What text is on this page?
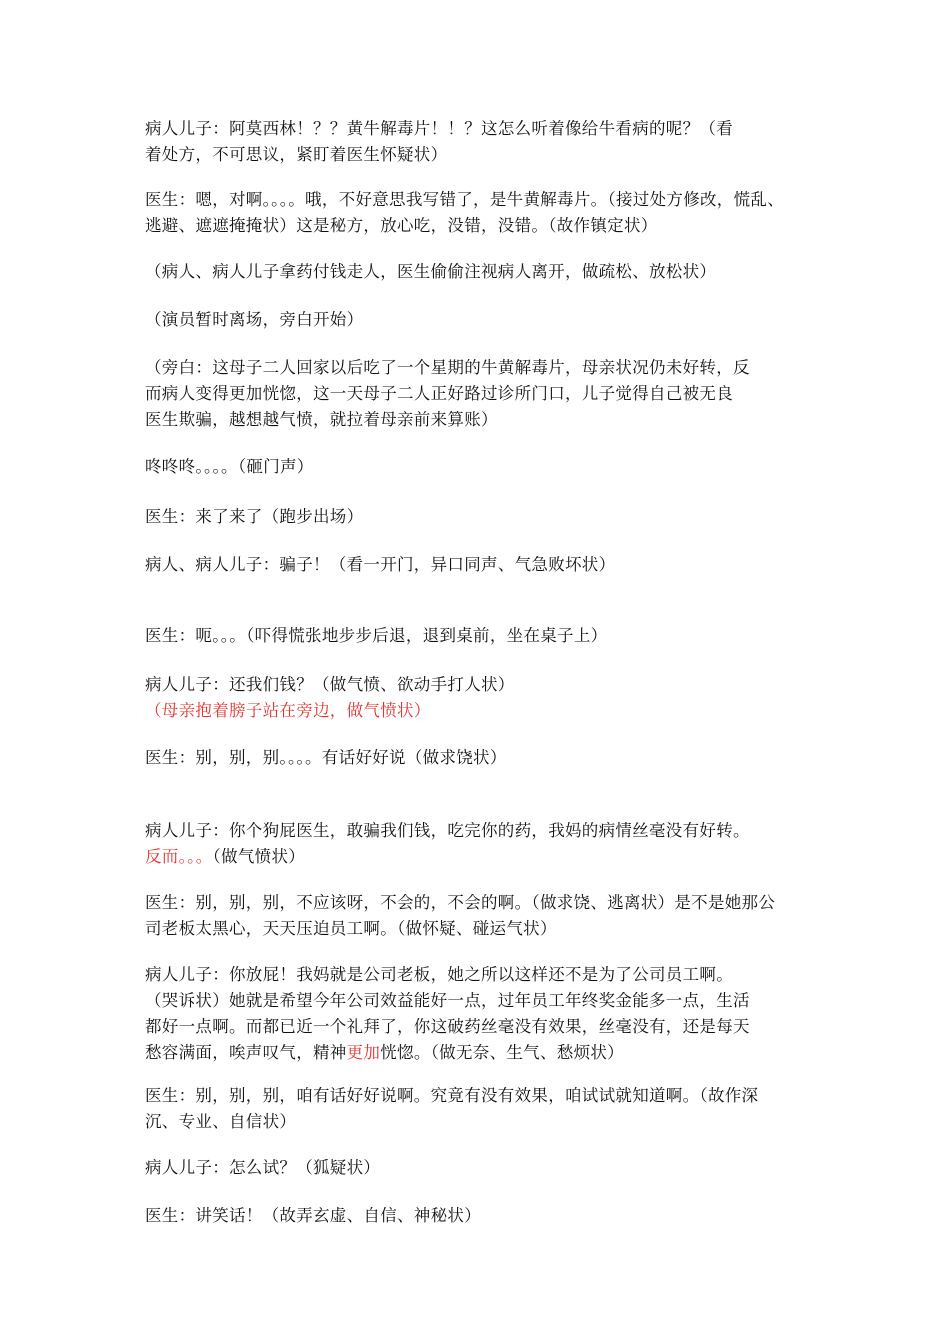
病人儿子：阿莫西林！？？黄牛解毒片！！？这怎么听着像给牛看病的呢？（看
着处方，不可思议，紧盯着医生怀疑状）

医生：嗯，对啊。。。。哦，不好意思我写错了，是牛黄解毒片。（接过处方修改，慌乱、
逃避、遮遮掩掩状）这是秘方，放心吃，没错，没错。（故作镇定状）

（病人、病人儿子拿药付钱走人，医生偷偷注视病人离开，做疏松、放松状）

（演员暂时离场，旁白开始）

（旁白：这母子二人回家以后吃了一个星期的牛黄解毒片，母亲状况仍未好转，反
而病人变得更加恍惚，这一天母子二人正好路过诊所门口，儿子觉得自己被无良
医生欺骗，越想越气愤，就拉着母亲前来算账）

咚咚咚。。。。（砸门声）

医生：来了来了（跑步出场）

病人、病人儿子：骗子！（看一开门，异口同声、气急败坏状）

医生：呃。。。（吓得慌张地步步后退，退到桌前，坐在桌子上）

病人儿子：还我们钱？（做气愤、欲动手打人状）
（母亲抱着膀子站在旁边，做气愤状）

医生：别，别，别。。。。有话好好说（做求饶状）

病人儿子：你个狗屁医生，敢骗我们钱，吃完你的药，我妈的病情丝毫没有好转。
反而。。。（做气愤状）

医生：别，别，别，不应该呀，不会的，不会的啊。（做求饶、逃离状）是不是她那公
司老板太黑心，天天压迫员工啊。（做怀疑、碰运气状）

病人儿子：你放屁！我妈就是公司老板，她之所以这样还不是为了公司员工啊。
（哭诉状）她就是希望今年公司效益能好一点，过年员工年终奖金能多一点，生活
都好一点啊。而都已近一个礼拜了，你这破药丝毫没有效果，丝毫没有，还是每天
愁容满面，唉声叹气，精神更加恍惚。（做无奈、生气、愁烦状）

医生：别，别，别，咱有话好好说啊。究竟有没有效果，咱试试就知道啊。（故作深
沉、专业、自信状）

病人儿子：怎么试？（狐疑状）

医生：讲笑话！（故弄玄虚、自信、神秘状）
